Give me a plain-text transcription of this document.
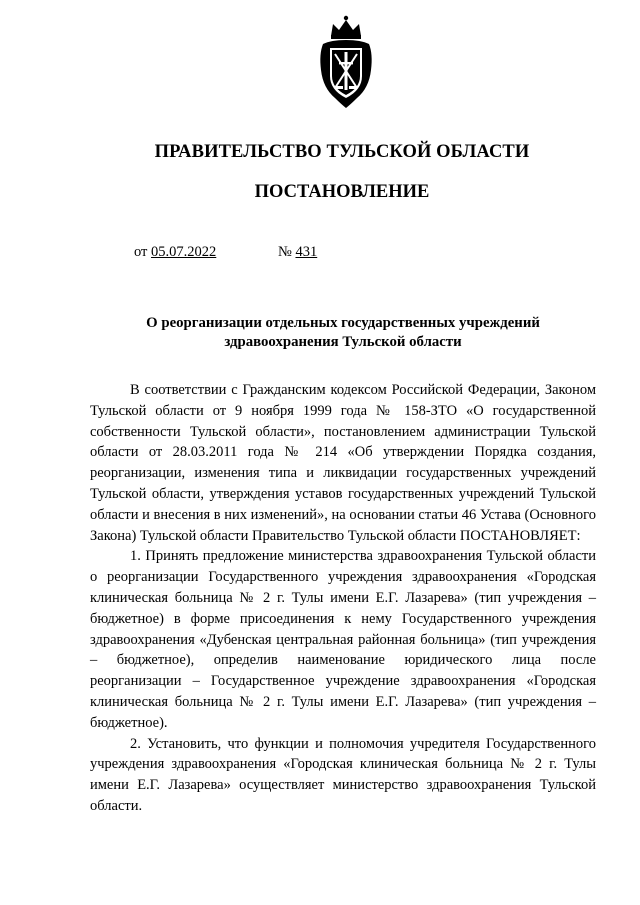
ПРАВИТЕЛЬСТВО ТУЛЬСКОЙ ОБЛАСТИ
ПОСТАНОВЛЕНИЕ
от 05.07.2022	№ 431
О реорганизации отдельных государственных учреждений
здравоохранения Тульской области

В соответствии с Гражданским кодексом Российской Федерации, Законом Тульской области от 9 ноября 1999 года № 158-ЗТО «О государственной собственности Тульской области», постановлением администрации Тульской области от 28.03.2011 года № 214 «Об утверждении Порядка создания, реорганизации, изменения типа и ликвидации государственных учреждений Тульской области, утверждения уставов государственных учреждений Тульской области и внесения в них изменений», на основании статьи 46 Устава (Основного Закона) Тульской области Правительство Тульской области ПОСТАНОВЛЯЕТ:

1. Принять предложение министерства здравоохранения Тульской области о реорганизации Государственного учреждения здравоохранения «Городская клиническая больница № 2 г. Тулы имени Е.Г. Лазарева» (тип учреждения – бюджетное) в форме присоединения к нему Государственного учреждения здравоохранения «Дубенская центральная районная больница» (тип учреждения – бюджетное), определив наименование юридического лица после реорганизации – Государственное учреждение здравоохранения «Городская клиническая больница № 2 г. Тулы имени Е.Г. Лазарева» (тип учреждения – бюджетное).

2. Установить, что функции и полномочия учредителя Государственного учреждения здравоохранения «Городская клиническая больница № 2 г. Тулы имени Е.Г. Лазарева» осуществляет министерство здравоохранения Тульской области.
